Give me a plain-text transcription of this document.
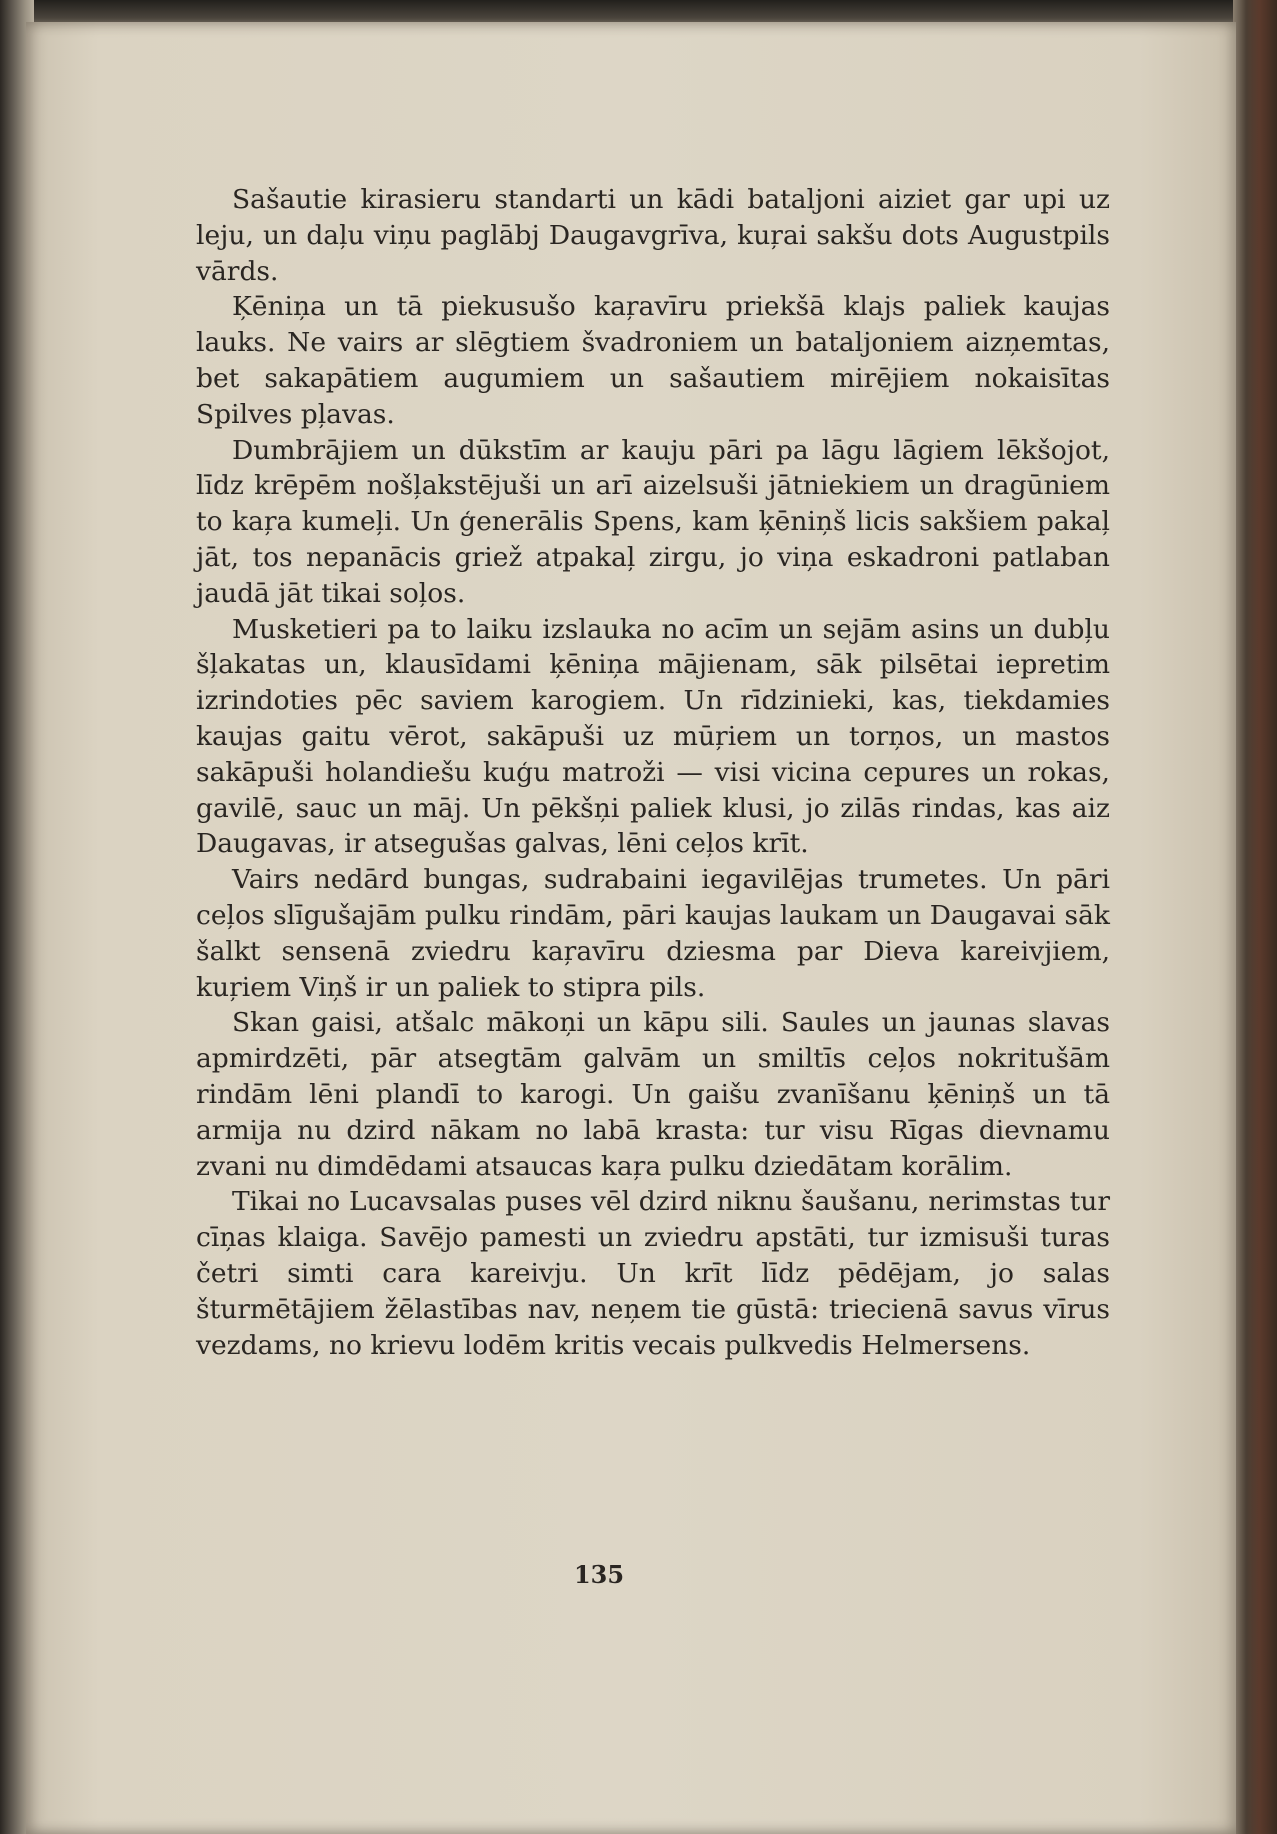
Sašautie kirasieru standarti un kādi bataljoni aiziet gar upi uz leju, un daļu viņu paglābj Daugavgrīva, kuŗai sakšu dots Augustpils vārds.

Ķēniņa un tā piekusušo kaŗavīru priekšā klajs paliek kaujas lauks. Ne vairs ar slēgtiem švadroniem un bataljoniem aizņemtas, bet sakapātiem augumiem un sašautiem mirējiem nokaisītas Spilves pļavas.

Dumbrājiem un dūkstīm ar kauju pāri pa lāgu lāgiem lēkšojot, līdz krēpēm nošļakstējuši un arī aizelsuši jātniekiem un dragūniem to kaŗa kumeļi. Un ģenerālis Spens, kam ķēniņš licis sakšiem pakaļ jāt, tos nepanācis griež atpakaļ zirgu, jo viņa eskadroni patlaban jaudā jāt tikai soļos.

Musketieri pa to laiku izslauka no acīm un sejām asins un dubļu šļakatas un, klausīdami ķēniņa mājienam, sāk pilsētai iepretim izrindoties pēc saviem karogiem. Un rīdzinieki, kas, tiekdamies kaujas gaitu vērot, sakāpuši uz mūŗiem un torņos, un mastos sakāpuši holandiešu kuģu matroži — visi vicina cepures un rokas, gavilē, sauc un māj. Un pēkšņi paliek klusi, jo zilās rindas, kas aiz Daugavas, ir atsegušas galvas, lēni ceļos krīt.

Vairs nedārd bungas, sudrabaini iegavilējas trumetes. Un pāri ceļos slīgušajām pulku rindām, pāri kaujas laukam un Daugavai sāk šalkt sensenā zviedru kaŗavīru dziesma par Dieva kareivjiem, kuŗiem Viņš ir un paliek to stipra pils.

Skan gaisi, atšalc mākoņi un kāpu sili. Saules un jaunas slavas apmirdzēti, pār atsegtām galvām un smiltīs ceļos nokritušām rindām lēni plandī to karogi. Un gaišu zvanīšanu ķēniņš un tā armija nu dzird nākam no labā krasta: tur visu Rīgas dievnamu zvani nu dimdēdami atsaucas kaŗa pulku dziedātam korālim.

Tikai no Lucavsalas puses vēl dzird niknu šaušanu, nerimstas tur cīņas klaiga. Savējo pamesti un zviedru apstāti, tur izmisuši turas četri simti cara kareivju. Un krīt līdz pēdējam, jo salas šturmētājiem žēlastības nav, neņem tie gūstā: triecienā savus vīrus vezdams, no krievu lodēm kritis vecais pulkvedis Helmersens.

135
